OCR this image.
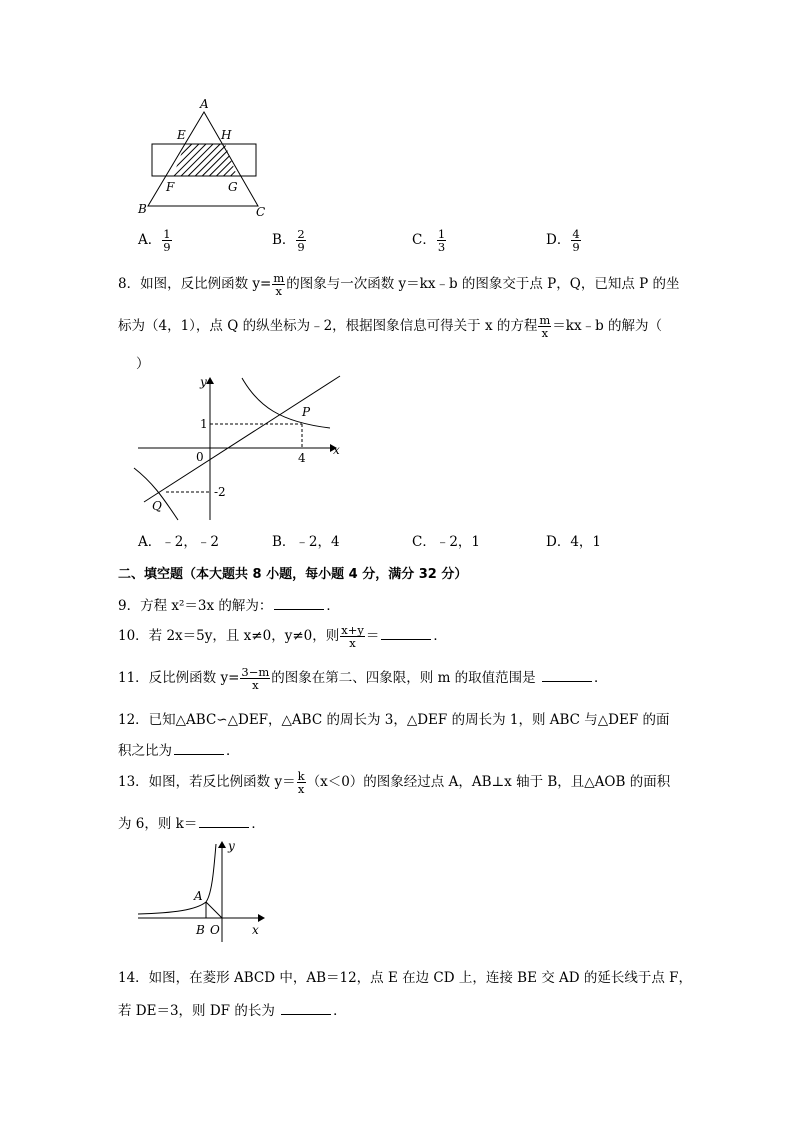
A
E	H
F	G
B	C
A． $\frac{1}{9}$	B． $\frac{2}{9}$	C． $\frac{1}{3}$	D． $\frac{4}{9}$
8．如图，反比例函数 $y= \frac{m}{x}$ 的图象与一次函数 y＝kx﹣b 的图象交于点 P，Q，已知点 P 的坐
标为（4，1），点 Q 的纵坐标为﹣2，根据图象信息可得关于 x 的方程 $\frac{m}{x}$ ＝kx﹣b 的解为（
）
y
x
0
1
4
-2
P
Q
A．﹣2，﹣2	B．﹣2，4	C．﹣2，1	D．4，1
二、填空题（本大题共 8 小题，每小题 4 分，满分 32 分）
9．方程 x²＝3x 的解为：	．
10．若 2x＝5y，且 x≠0，y≠0，则 $\frac{x+y}{x}$ ＝	．
11．反比例函数 $y= \frac{3-m}{x}$ 的图象在第二、四象限，则 m 的取值范围是	．
12．已知△ABC∽△DEF，△ABC 的周长为 3，△DEF 的周长为 1，则 ABC 与△DEF 的面
积之比为	．
13．如图，若反比例函数 $y= \frac{k}{x} (x<0)$的图象经过点 A，AB⊥x 轴于 B，且△AOB 的面积
为 6，则 k＝	．
y
x
A
B O
14．如图，在菱形 ABCD 中，AB＝12，点 E 在边 CD 上，连接 BE 交 AD 的延长线于点 F，
若 DE＝3，则 DF 的长为	．
